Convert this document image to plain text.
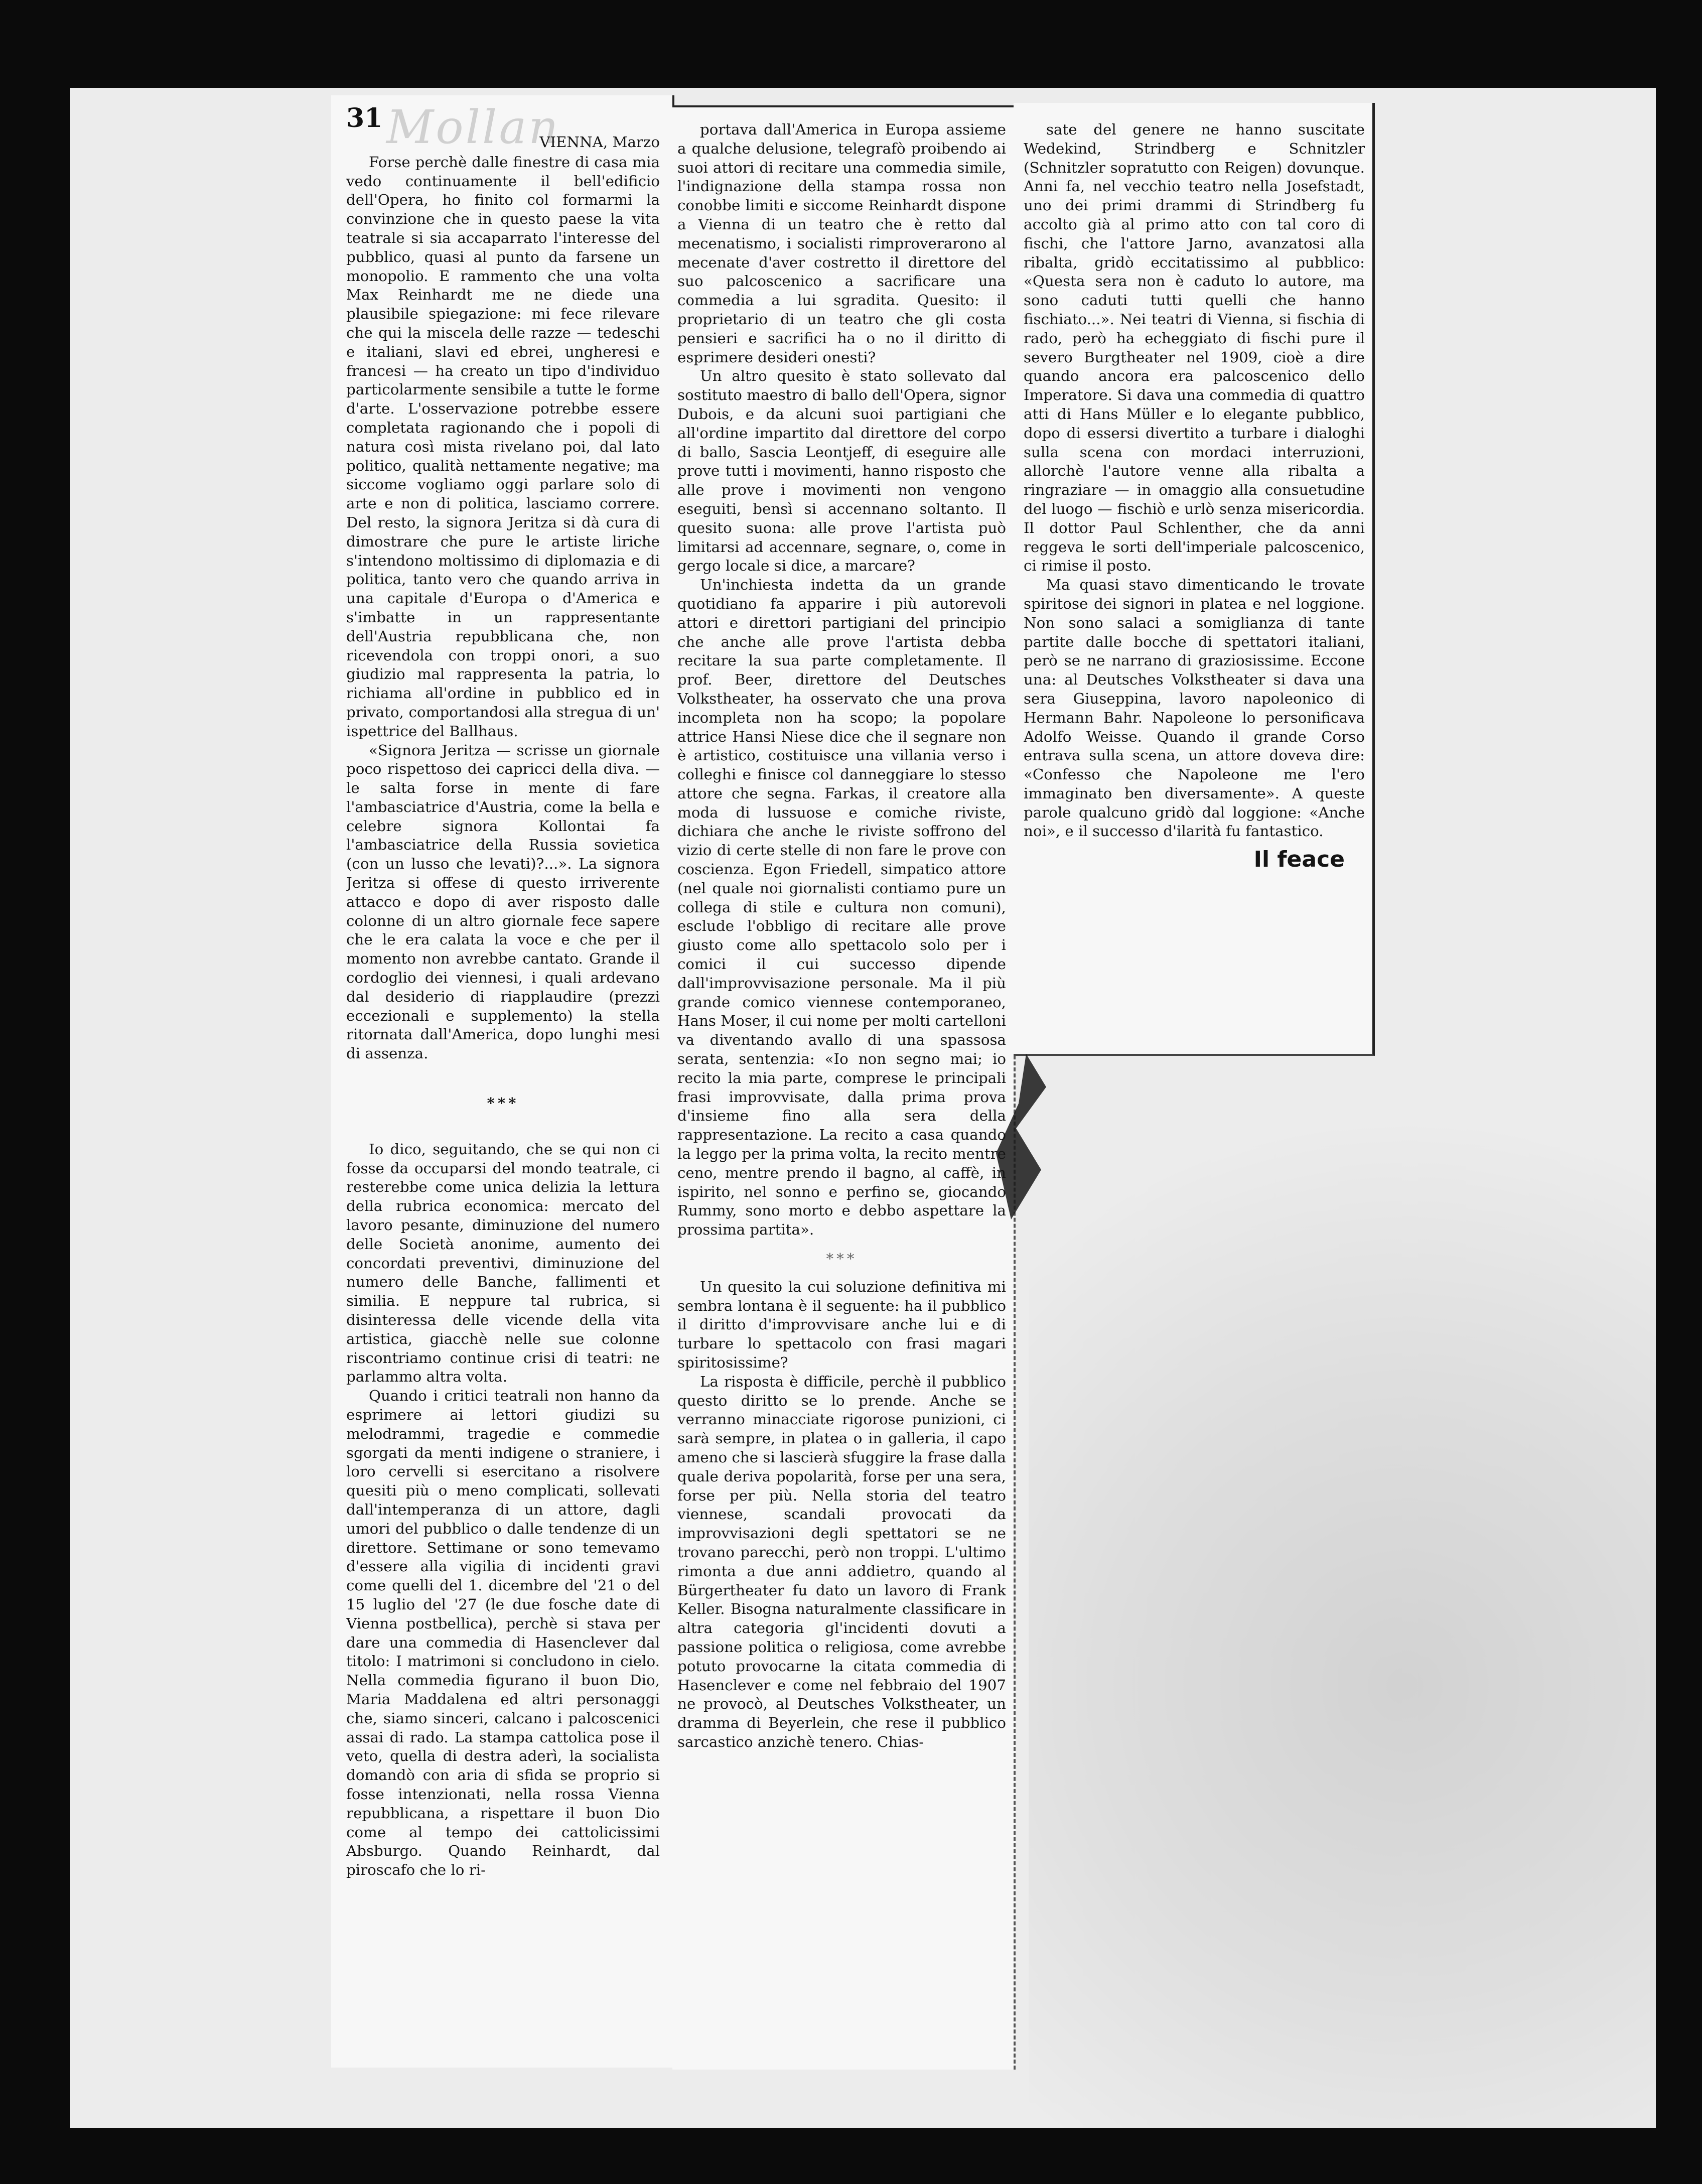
31 Mollan

VIENNA, Marzo

Forse perchè dalle finestre di casa mia vedo continuamente il bell'edificio dell'Opera, ho finito col formarmi la convinzione che in questo paese la vita teatrale si sia accaparrato l'interesse del pubblico, quasi al punto da farsene un monopolio. E rammento che una volta Max Reinhardt me ne diede una plausibile spiegazione: mi fece rilevare che qui la miscela delle razze — tedeschi e italiani, slavi ed ebrei, ungheresi e francesi — ha creato un tipo d'individuo particolarmente sensibile a tutte le forme d'arte. L'osservazione potrebbe essere completata ragionando che i popoli di natura così mista rivelano poi, dal lato politico, qualità nettamente negative; ma siccome vogliamo oggi parlare solo di arte e non di politica, lasciamo correre. Del resto, la signora Jeritza si dà cura di dimostrare che pure le artiste liriche s'intendono moltissimo di diplomazia e di politica, tanto vero che quando arriva in una capitale d'Europa o d'America e s'imbatte in un rappresentante dell'Austria repubblicana che, non ricevendola con troppi onori, a suo giudizio mal rappresenta la patria, lo richiama all'ordine in pubblico ed in privato, comportandosi alla stregua di un' ispettrice del Ballhaus.

«Signora Jeritza — scrisse un giornale poco rispettoso dei capricci della diva. — le salta forse in mente di fare l'ambasciatrice d'Austria, come la bella e celebre signora Kollontai fa l'ambasciatrice della Russia sovietica (con un lusso che levati)?...». La signora Jeritza si offese di questo irriverente attacco e dopo di aver risposto dalle colonne di un altro giornale fece sapere che le era calata la voce e che per il momento non avrebbe cantato. Grande il cordoglio dei viennesi, i quali ardevano dal desiderio di riapplaudire (prezzi eccezionali e supplemento) la stella ritornata dall'America, dopo lunghi mesi di assenza.

***

Io dico, seguitando, che se qui non ci fosse da occuparsi del mondo teatrale, ci resterebbe come unica delizia la lettura della rubrica economica: mercato del lavoro pesante, diminuzione del numero delle Società anonime, aumento dei concordati preventivi, diminuzione del numero delle Banche, fallimenti et similia. E neppure tal rubrica, si disinteressa delle vicende della vita artistica, giacchè nelle sue colonne riscontriamo continue crisi di teatri: ne parlammo altra volta.

Quando i critici teatrali non hanno da esprimere ai lettori giudizi su melodrammi, tragedie e commedie sgorgati da menti indigene o straniere, i loro cervelli si esercitano a risolvere quesiti più o meno complicati, sollevati dall'intemperanza di un attore, dagli umori del pubblico o dalle tendenze di un direttore. Settimane or sono temevamo d'essere alla vigilia di incidenti gravi come quelli del 1. dicembre del '21 o del 15 luglio del '27 (le due fosche date di Vienna postbellica), perchè si stava per dare una commedia di Hasenclever dal titolo: I matrimoni si concludono in cielo. Nella commedia figurano il buon Dio, Maria Maddalena ed altri personaggi che, siamo sinceri, calcano i palcoscenici assai di rado. La stampa cattolica pose il veto, quella di destra aderì, la socialista domandò con aria di sfida se proprio si fosse intenzionati, nella rossa Vienna repubblicana, a rispettare il buon Dio come al tempo dei cattolicissimi Absburgo. Quando Reinhardt, dal piroscafo che lo ri-

portava dall'America in Europa assieme a qualche delusione, telegrafò proibendo ai suoi attori di recitare una commedia simile, l'indignazione della stampa rossa non conobbe limiti e siccome Reinhardt dispone a Vienna di un teatro che è retto dal mecenatismo, i socialisti rimproverarono al mecenate d'aver costretto il direttore del suo palcoscenico a sacrificare una commedia a lui sgradita. Quesito: il proprietario di un teatro che gli costa pensieri e sacrifici ha o no il diritto di esprimere desideri onesti?

Un altro quesito è stato sollevato dal sostituto maestro di ballo dell'Opera, signor Dubois, e da alcuni suoi partigiani che all'ordine impartito dal direttore del corpo di ballo, Sascia Leontjeff, di eseguire alle prove tutti i movimenti, hanno risposto che alle prove i movimenti non vengono eseguiti, bensì si accennano soltanto. Il quesito suona: alle prove l'artista può limitarsi ad accennare, segnare, o, come in gergo locale si dice, a marcare?

Un'inchiesta indetta da un grande quotidiano fa apparire i più autorevoli attori e direttori partigiani del principio che anche alle prove l'artista debba recitare la sua parte completamente. Il prof. Beer, direttore del Deutsches Volkstheater, ha osservato che una prova incompleta non ha scopo; la popolare attrice Hansi Niese dice che il segnare non è artistico, costituisce una villania verso i colleghi e finisce col danneggiare lo stesso attore che segna. Farkas, il creatore alla moda di lussuose e comiche riviste, dichiara che anche le riviste soffrono del vizio di certe stelle di non fare le prove con coscienza. Egon Friedell, simpatico attore (nel quale noi giornalisti contiamo pure un collega di stile e cultura non comuni), esclude l'obbligo di recitare alle prove giusto come allo spettacolo solo per i comici il cui successo dipende dall'improvvisazione personale. Ma il più grande comico viennese contemporaneo, Hans Moser, il cui nome per molti cartelloni va diventando avallo di una spassosa serata, sentenzia: «Io non segno mai; io recito la mia parte, comprese le principali frasi improvvisate, dalla prima prova d'insieme fino alla sera della rappresentazione. La recito a casa quando la leggo per la prima volta, la recito mentre ceno, mentre prendo il bagno, al caffè, in ispirito, nel sonno e perfino se, giocando Rummy, sono morto e debbo aspettare la prossima partita».

***

Un quesito la cui soluzione definitiva mi sembra lontana è il seguente: ha il pubblico il diritto d'improvvisare anche lui e di turbare lo spettacolo con frasi magari spiritosissime?

La risposta è difficile, perchè il pubblico questo diritto se lo prende. Anche se verranno minacciate rigorose punizioni, ci sarà sempre, in platea o in galleria, il capo ameno che si lascierà sfuggire la frase dalla quale deriva popolarità, forse per una sera, forse per più. Nella storia del teatro viennese, scandali provocati da improvvisazioni degli spettatori se ne trovano parecchi, però non troppi. L'ultimo rimonta a due anni addietro, quando al Bürgertheater fu dato un lavoro di Frank Keller. Bisogna naturalmente classificare in altra categoria gl'incidenti dovuti a passione politica o religiosa, come avrebbe potuto provocarne la citata commedia di Hasenclever e come nel febbraio del 1907 ne provocò, al Deutsches Volkstheater, un dramma di Beyerlein, che rese il pubblico sarcastico anzichè tenero. Chias-

sate del genere ne hanno suscitate Wedekind, Strindberg e Schnitzler (Schnitzler sopratutto con Reigen) dovunque. Anni fa, nel vecchio teatro nella Josefstadt, uno dei primi drammi di Strindberg fu accolto già al primo atto con tal coro di fischi, che l'attore Jarno, avanzatosi alla ribalta, gridò eccitatissimo al pubblico: «Questa sera non è caduto lo autore, ma sono caduti tutti quelli che hanno fischiato...». Nei teatri di Vienna, si fischia di rado, però ha echeggiato di fischi pure il severo Burgtheater nel 1909, cioè a dire quando ancora era palcoscenico dello Imperatore. Si dava una commedia di quattro atti di Hans Müller e lo elegante pubblico, dopo di essersi divertito a turbare i dialoghi sulla scena con mordaci interruzioni, allorchè l'autore venne alla ribalta a ringraziare — in omaggio alla consuetudine del luogo — fischiò e urlò senza misericordia. Il dottor Paul Schlenther, che da anni reggeva le sorti dell'imperiale palcoscenico, ci rimise il posto.

Ma quasi stavo dimenticando le trovate spiritose dei signori in platea e nel loggione. Non sono salaci a somiglianza di tante partite dalle bocche di spettatori italiani, però se ne narrano di graziosissime. Eccone una: al Deutsches Volkstheater si dava una sera Giuseppina, lavoro napoleonico di Hermann Bahr. Napoleone lo personificava Adolfo Weisse. Quando il grande Corso entrava sulla scena, un attore doveva dire: «Confesso che Napoleone me l'ero immaginato ben diversamente». A queste parole qualcuno gridò dal loggione: «Anche noi», e il successo d'ilarità fu fantastico.

Il feace
